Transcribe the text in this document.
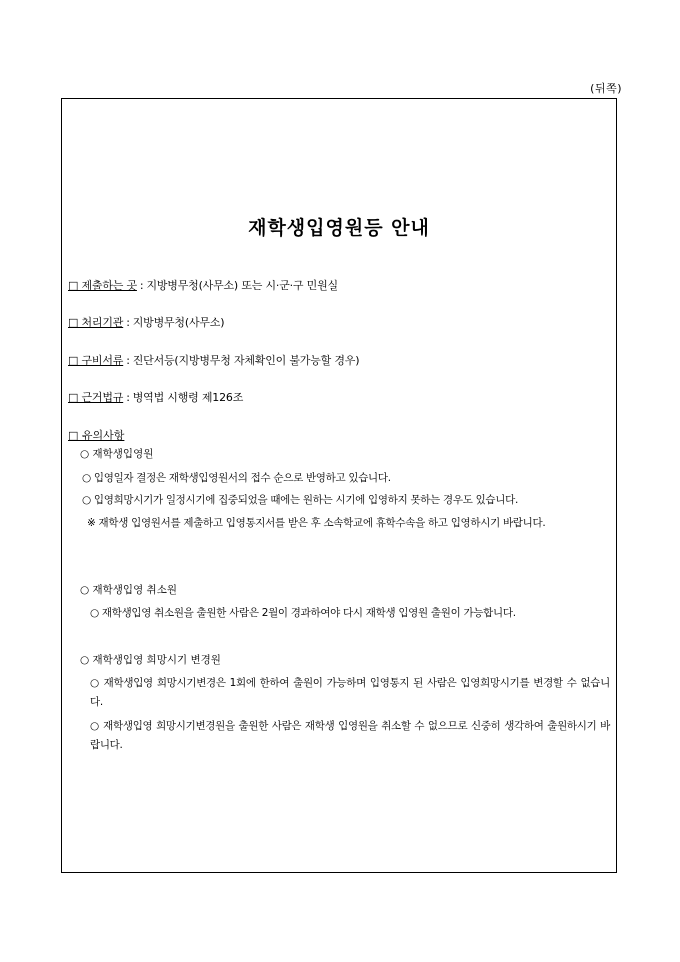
(뒤쪽)
재학생입영원등 안내
□ 제출하는 곳 : 지방병무청(사무소) 또는 시·군·구 민원실
□ 처리기관 : 지방병무청(사무소)
□ 구비서류 : 진단서등(지방병무청 자체확인이 불가능할 경우)
□ 근거법규 : 병역법 시행령 제126조
□ 유의사항
○ 재학생입영원
○ 입영일자 결정은 재학생입영원서의 접수 순으로 반영하고 있습니다.
○ 입영희망시기가 일정시기에 집중되었을 때에는 원하는 시기에 입영하지 못하는 경우도 있습니다.
※ 재학생 입영원서를 제출하고 입영통지서를 받은 후 소속학교에 휴학수속을 하고 입영하시기 바랍니다.
○ 재학생입영 취소원
○ 재학생입영 취소원을 출원한 사람은 2월이 경과하여야 다시 재학생 입영원 출원이 가능합니다.
○ 재학생입영 희망시기 변경원
○ 재학생입영 희망시기변경은 1회에 한하여 출원이 가능하며 입영통지 된 사람은 입영희망시기를 변경할 수 없습니다.
○ 재학생입영 희망시기변경원을 출원한 사람은 재학생 입영원을 취소할 수 없으므로 신중히 생각하여 출원하시기 바랍니다.
